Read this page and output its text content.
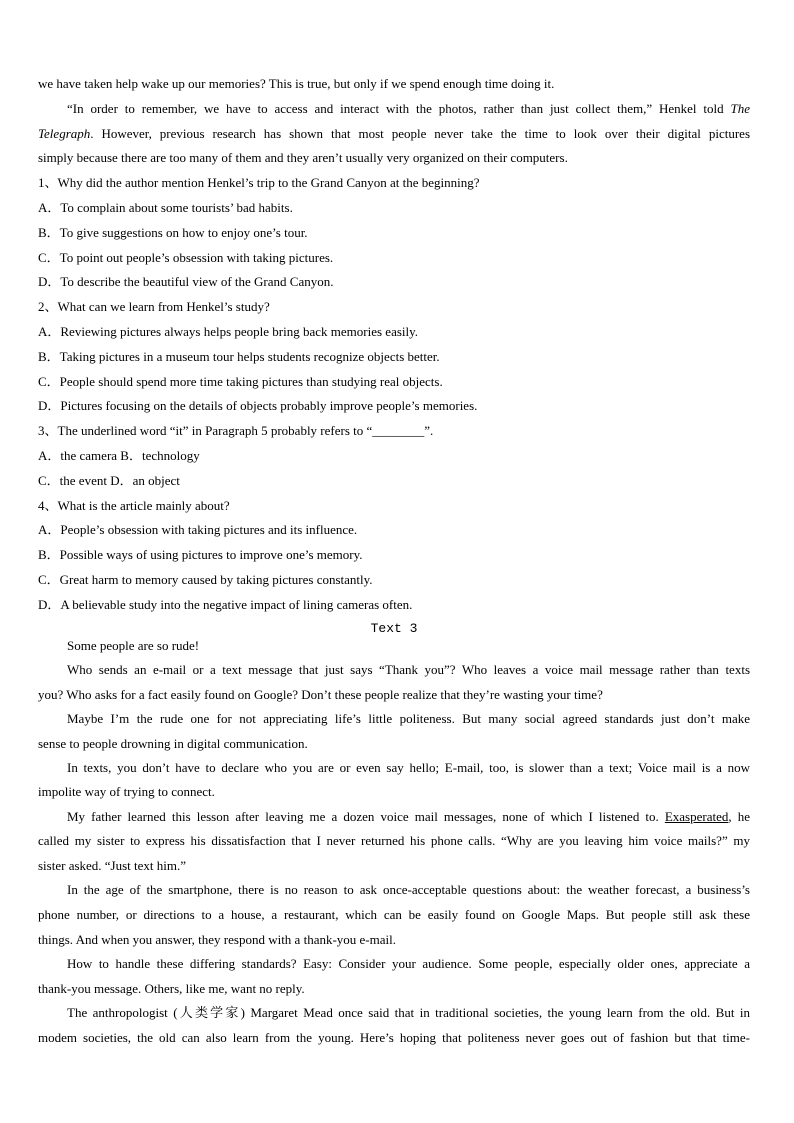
we have taken help wake up our memories? This is true, but only if we spend enough time doing it.
“In order to remember, we have to access and interact with the photos, rather than just collect them,” Henkel told The
Telegraph. However, previous research has shown that most people never take the time to look over their digital pictures
simply because there are too many of them and they aren’t usually very organized on their computers.
1、Why did the author mention Henkel’s trip to the Grand Canyon at the beginning?
A．To complain about some tourists’ bad habits.
B．To give suggestions on how to enjoy one’s tour.
C．To point out people’s obsession with taking pictures.
D．To describe the beautiful view of the Grand Canyon.
2、What can we learn from Henkel’s study?
A．Reviewing pictures always helps people bring back memories easily.
B．Taking pictures in a museum tour helps students recognize objects better.
C．People should spend more time taking pictures than studying real objects.
D．Pictures focusing on the details of objects probably improve people’s memories.
3、The underlined word “it” in Paragraph 5 probably refers to “________”.
A．the camera B．technology
C．the event D．an object
4、What is the article mainly about?
A．People’s obsession with taking pictures and its influence.
B．Possible ways of using pictures to improve one’s memory.
C．Great harm to memory caused by taking pictures constantly.
D．A believable study into the negative impact of lining cameras often.
Text 3
Some people are so rude!
Who sends an e-mail or a text message that just says “Thank you”? Who leaves a voice mail message rather than texts
you? Who asks for a fact easily found on Google? Don’t these people realize that they’re wasting your time?
Maybe I’m the rude one for not appreciating life’s little politeness. But many social agreed standards just don’t make
sense to people drowning in digital communication.
In texts, you don’t have to declare who you are or even say hello; E-mail, too, is slower than a text; Voice mail is a now
impolite way of trying to connect.
My father learned this lesson after leaving me a dozen voice mail messages, none of which I listened to. Exasperated, he
called my sister to express his dissatisfaction that I never returned his phone calls. “Why are you leaving him voice mails?” my
sister asked. “Just text him.”
In the age of the smartphone, there is no reason to ask once-acceptable questions about: the weather forecast, a business’s
phone number, or directions to a house, a restaurant, which can be easily found on Google Maps. But people still ask these
things. And when you answer, they respond with a thank-you e-mail.
How to handle these differing standards? Easy: Consider your audience. Some people, especially older ones, appreciate a
thank-you message. Others, like me, want no reply.
The anthropologist (人类学家) Margaret Mead once said that in traditional societies, the young learn from the old. But in
modem societies, the old can also learn from the young. Here’s hoping that politeness never goes out of fashion but that time-
